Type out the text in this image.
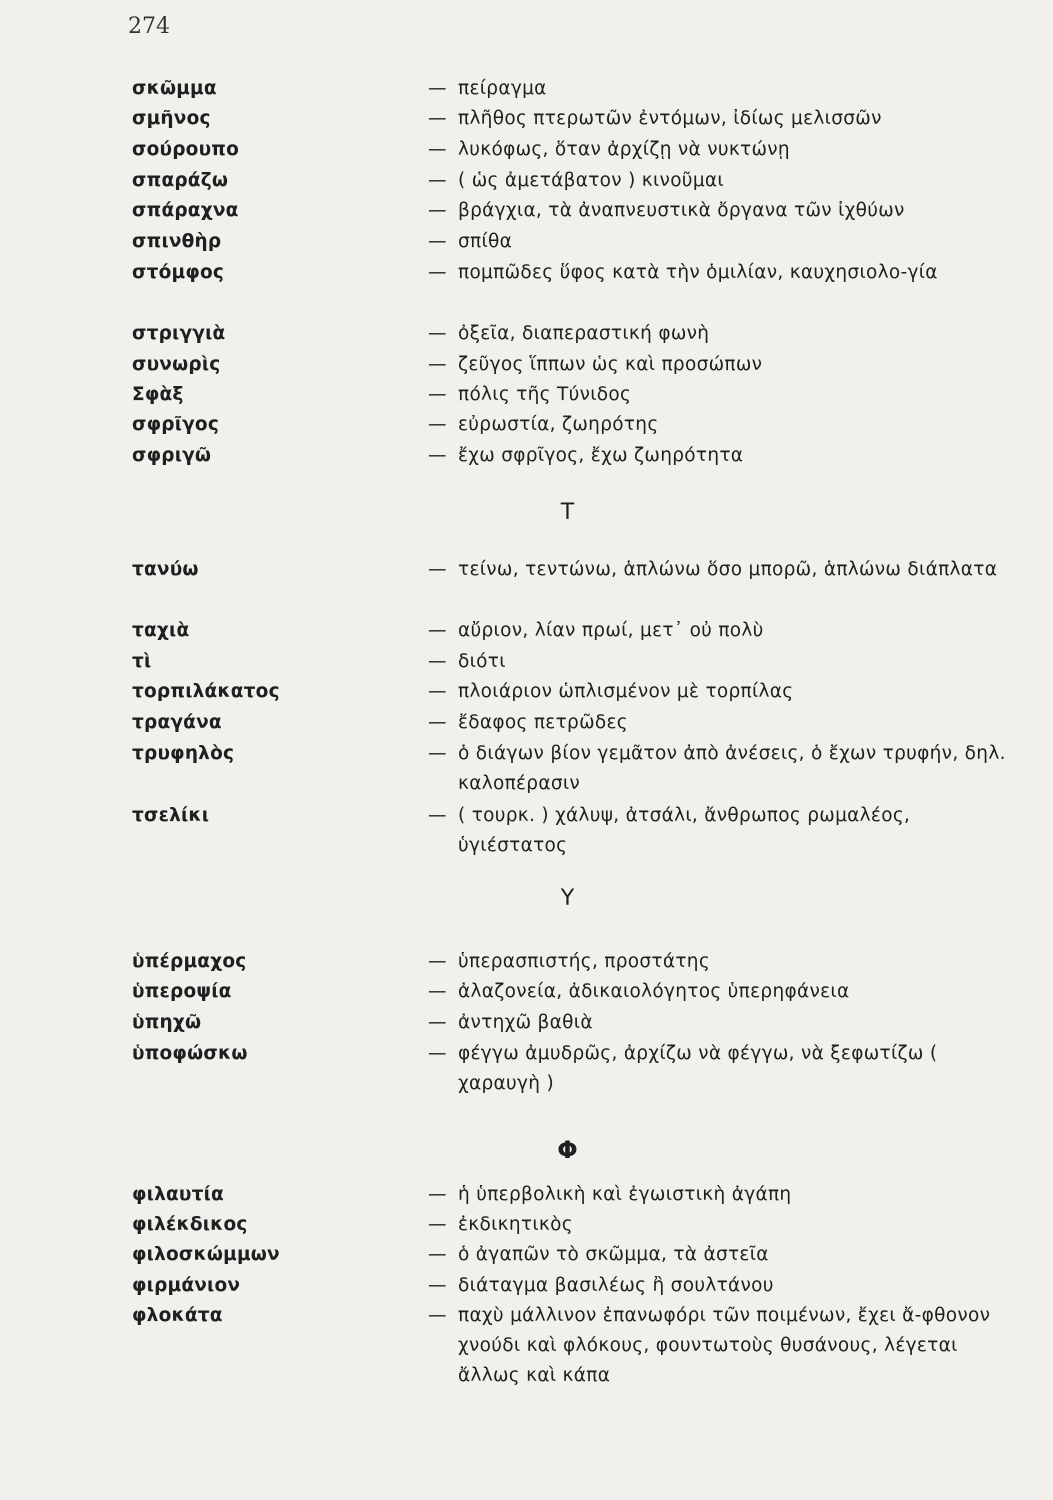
274
σκῶμμα	— πείραγμα
σμῆνος	— πλῆθος πτερωτῶν ἐντόμων, ἰδίως μελισσῶν
σούρουπο	— λυκόφως, ὅταν ἀρχίζῃ νὰ νυκτώνῃ
σπαράζω	— ( ὡς ἀμετάβατον ) κινοῦμαι
σπάραχνα	— βράγχια, τὰ ἀναπνευστικὰ ὄργανα τῶν ἰχθύων
σπινθὴρ	— σπίθα
στόμφος	— πομπῶδες ὕφος κατὰ τὴν ὁμιλίαν, καυχησιολο-γία
στριγγιὰ	— ὀξεῖα, διαπεραστική φωνὴ
συνωρὶς	— ζεῦγος ἵππων ὡς καὶ προσώπων
Σφὰξ	— πόλις τῆς Τύνιδος
σφρῖγος	— εὐρωστία, ζωηρότης
σφριγῶ	— ἔχω σφρῖγος, ἔχω ζωηρότητα
Τ
τανύω	— τείνω, τεντώνω, ἁπλώνω ὅσο μπορῶ, ἁπλώνω διάπλατα
ταχιὰ	— αὔριον, λίαν πρωί, μετ᾽ οὐ πολὺ
τὶ	— διότι
τορπιλάκατος	— πλοιάριον ὡπλισμένον μὲ τορπίλας
τραγάνα	— ἔδαφος πετρῶδες
τρυφηλὸς	— ὁ διάγων βίον γεμᾶτον ἀπὸ ἀνέσεις, ὁ ἔχων τρυφήν, δηλ. καλοπέρασιν
τσελίκι	— ( τουρκ. ) χάλυψ, ἀτσάλι, ἄνθρωπος ρωμαλέος, ὑγιέστατος
Υ
ὑπέρμαχος	— ὑπερασπιστής, προστάτης
ὑπεροψία	— ἀλαζονεία, ἀδικαιολόγητος ὑπερηφάνεια
ὑπηχῶ	— ἀντηχῶ βαθιὰ
ὑποφώσκω	— φέγγω ἀμυδρῶς, ἀρχίζω νὰ φέγγω, νὰ ξεφωτίζω ( χαραυγὴ )
Φ
φιλαυτία	— ἡ ὑπερβολικὴ καὶ ἐγωιστικὴ ἀγάπη
φιλέκδικος	— ἐκδικητικὸς
φιλοσκώμμων	— ὁ ἀγαπῶν τὸ σκῶμμα, τὰ ἀστεῖα
φιρμάνιον	— διάταγμα βασιλέως ἢ σουλτάνου
φλοκάτα	— παχὺ μάλλινον ἐπανωφόρι τῶν ποιμένων, ἔχει ἄ-φθονον χνούδι καὶ φλόκους, φουντωτοὺς θυσάνους, λέγεται ἄλλως καὶ κάπα
